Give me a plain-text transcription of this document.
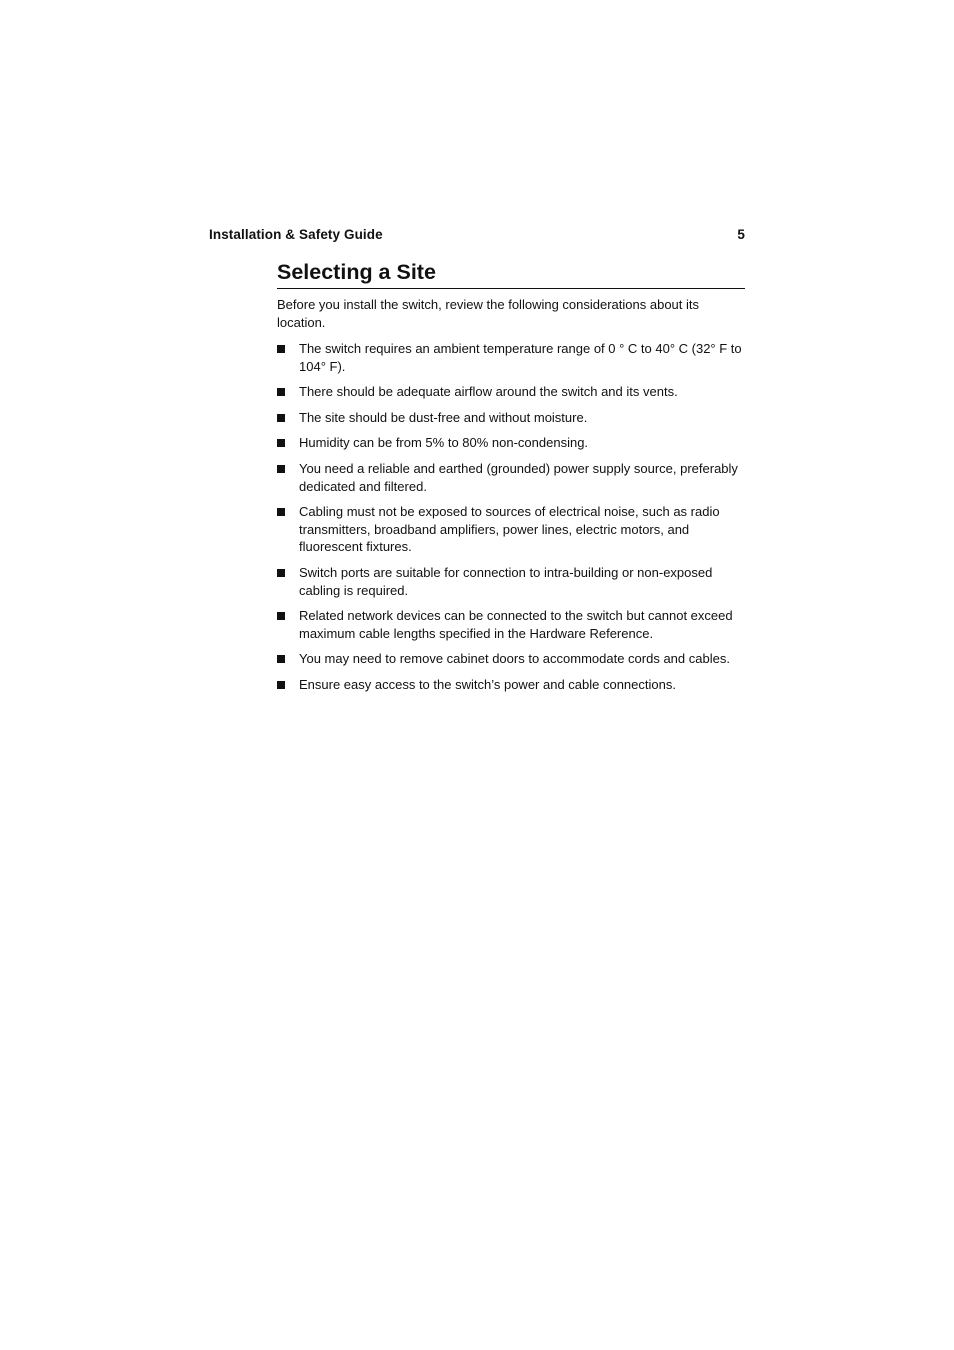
Installation & Safety Guide	5
Selecting a Site

Before you install the switch, review the following considerations about its location.

The switch requires an ambient temperature range of 0 ° C to 40° C (32° F to 104° F).
There should be adequate airflow around the switch and its vents.
The site should be dust-free and without moisture.
Humidity can be from 5% to 80% non-condensing.
You need a reliable and earthed (grounded) power supply source, preferably dedicated and filtered.
Cabling must not be exposed to sources of electrical noise, such as radio transmitters, broadband amplifiers, power lines, electric motors, and fluorescent fixtures.
Switch ports are suitable for connection to intra-building or non-exposed cabling is required.
Related network devices can be connected to the switch but cannot exceed maximum cable lengths specified in the Hardware Reference.
You may need to remove cabinet doors to accommodate cords and cables.
Ensure easy access to the switch’s power and cable connections.
